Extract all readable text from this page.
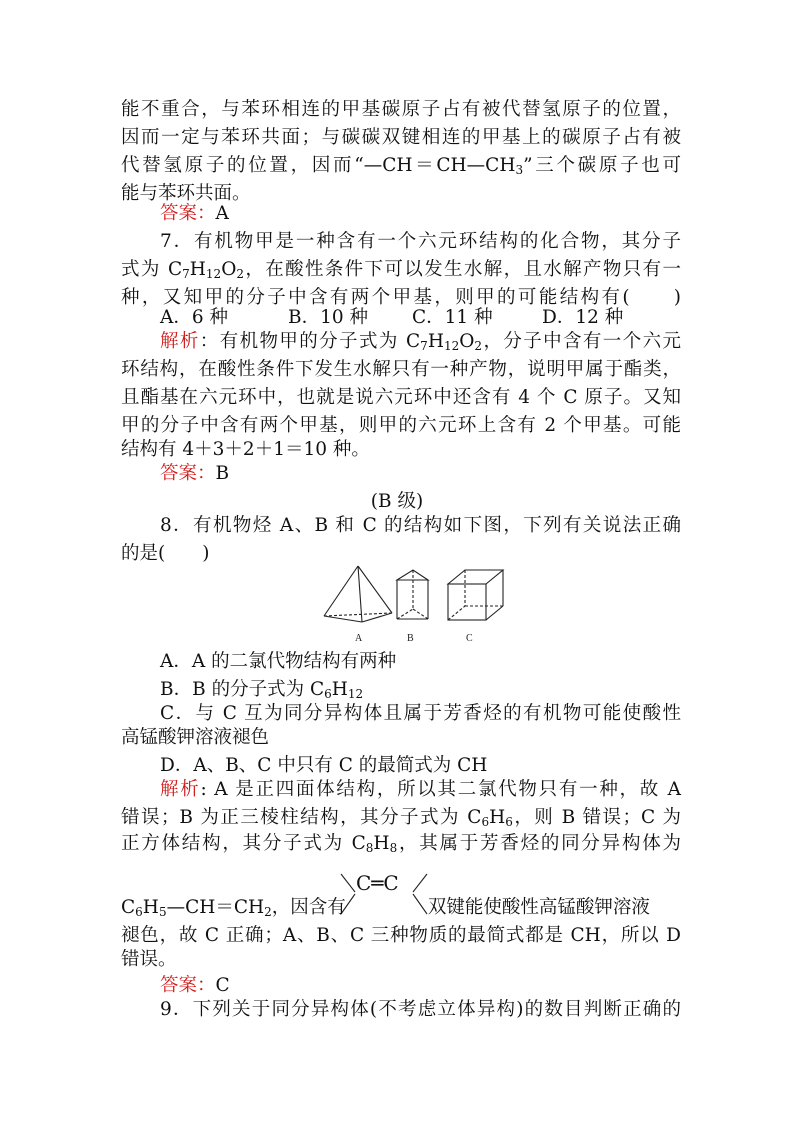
能不重合，与苯环相连的甲基碳原子占有被代替氢原子的位置，
因而一定与苯环共面；与碳碳双键相连的甲基上的碳原子占有被
代替氢原子的位置，因而“$—CH=CH—CH_3$”三个碳原子也可
能与苯环共面。
答案：A
7．有机物甲是一种含有一个六元环结构的化合物，其分子
式为 $C_7H_{12}O_2$，在酸性条件下可以发生水解，且水解产物只有一
种，又知甲的分子中含有两个甲基，则甲的可能结构有(　　)
A．6 种	B．10 种 C．11 种	D．12 种
解析：有机物甲的分子式为 $C_7H_{12}O_2$，分子中含有一个六元
环结构，在酸性条件下发生水解只有一种产物，说明甲属于酯类，
且酯基在六元环中，也就是说六元环中还含有 4 个 C 原子。又知
甲的分子中含有两个甲基，则甲的六元环上含有 2 个甲基。可能
结构有 4＋3＋2＋1＝10 种。
答案：B
(B 级)
8．有机物烃 A、B 和 C 的结构如下图，下列有关说法正确
的是(　　)
A	B	C
A．A 的二氯代物结构有两种
B．B 的分子式为 $C_6H_{12}$
C．与 C 互为同分异构体且属于芳香烃的有机物可能使酸性
高锰酸钾溶液褪色
D．A、B、C 中只有 C 的最简式为 CH
解析: A 是正四面体结构，所以其二氯代物只有一种，故 A
错误；B 为正三棱柱结构，其分子式为 $C_6H_6$，则 B 错误；C 为
正方体结构，其分子式为 $C_8H_8$，其属于芳香烃的同分异构体为
C═C
$C_6H_5—CH=CH_2$，因含有	双键能使酸性高锰酸钾溶液
褪色，故 C 正确；A、B、C 三种物质的最简式都是 CH，所以 D
错误。
答案：C
9．下列关于同分异构体(不考虑立体异构)的数目判断正确的
